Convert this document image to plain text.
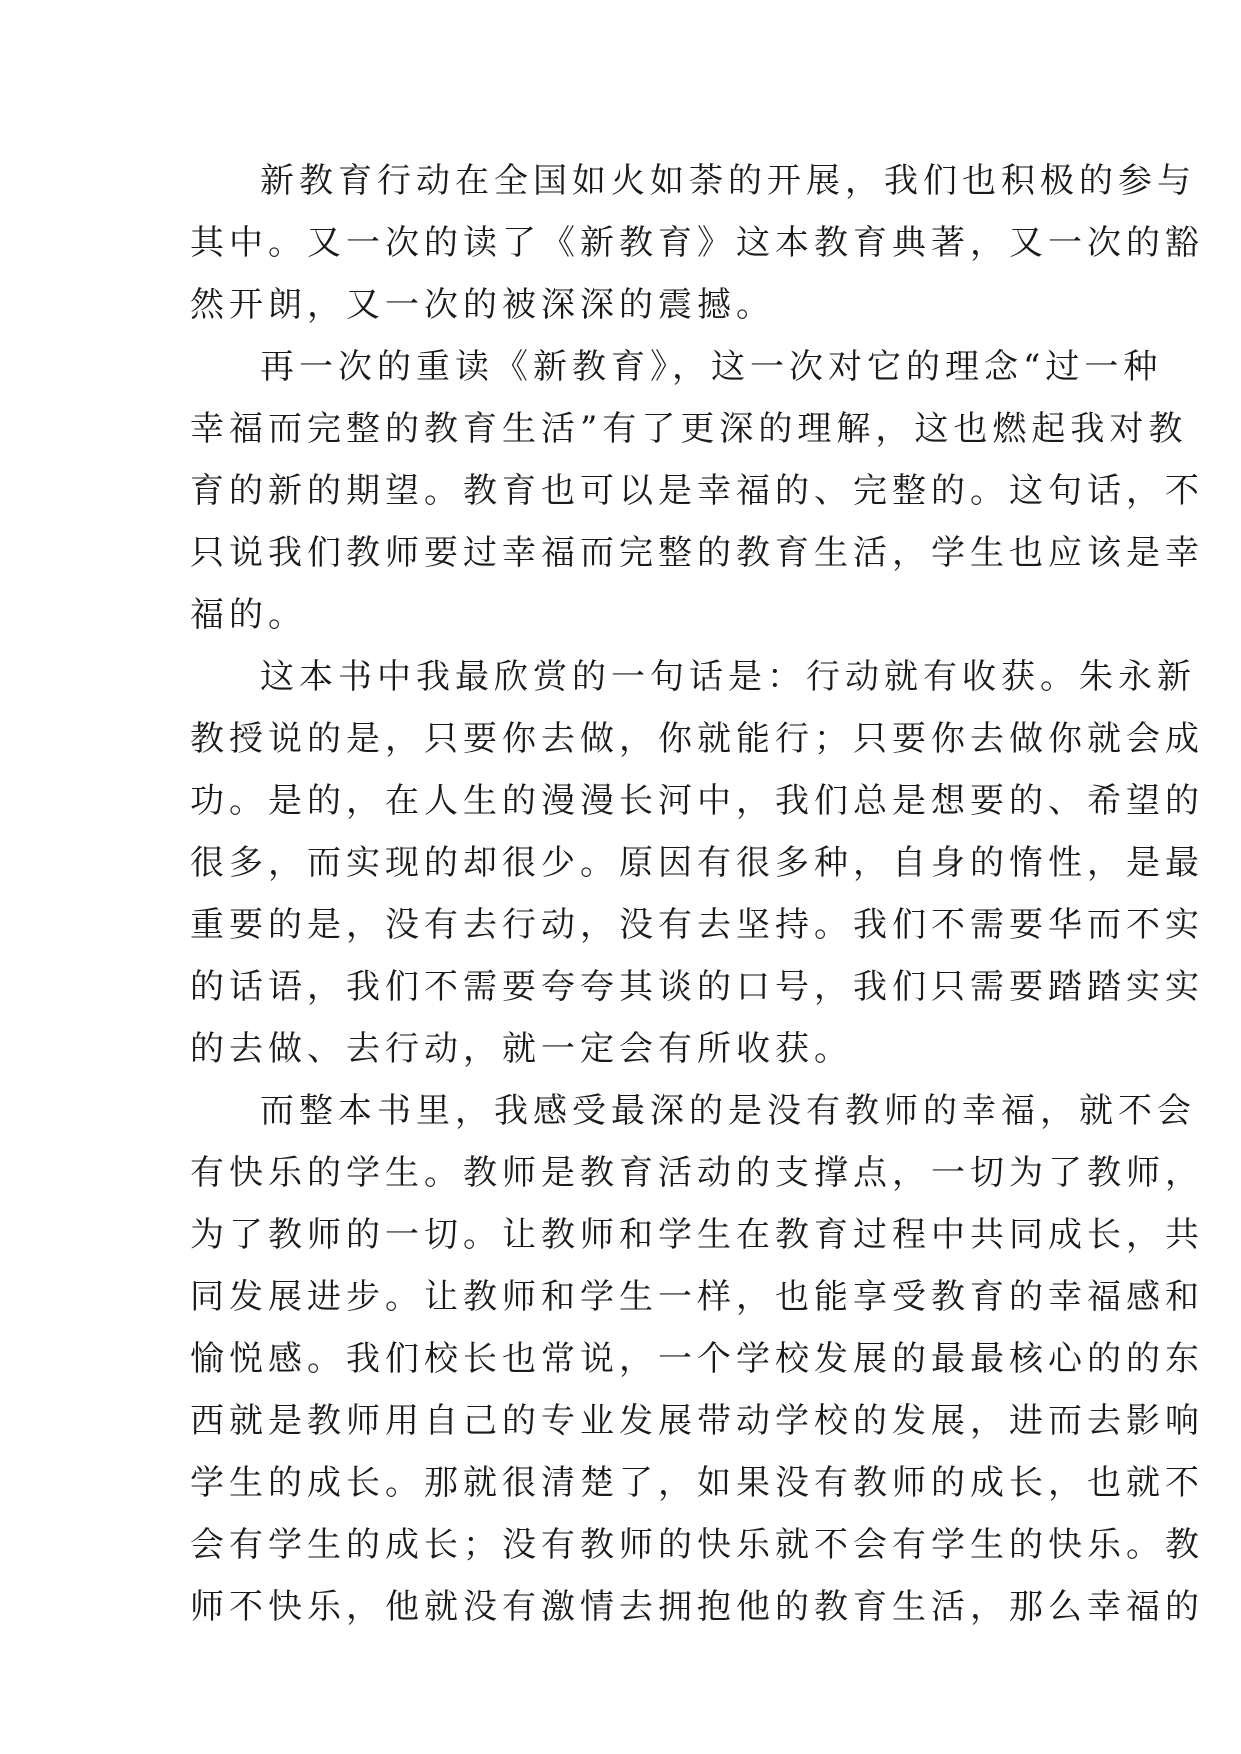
新教育行动在全国如火如荼的开展，我们也积极的参与
其中。又一次的读了《新教育》这本教育典著，又一次的豁
然开朗，又一次的被深深的震撼。
再一次的重读《新教育》，这一次对它的理念“过一种
幸福而完整的教育生活”有了更深的理解，这也燃起我对教
育的新的期望。教育也可以是幸福的、完整的。这句话，不
只说我们教师要过幸福而完整的教育生活，学生也应该是幸
福的。
这本书中我最欣赏的一句话是：行动就有收获。朱永新
教授说的是，只要你去做，你就能行；只要你去做你就会成
功。是的，在人生的漫漫长河中，我们总是想要的、希望的
很多，而实现的却很少。原因有很多种，自身的惰性，是最
重要的是，没有去行动，没有去坚持。我们不需要华而不实
的话语，我们不需要夸夸其谈的口号，我们只需要踏踏实实
的去做、去行动，就一定会有所收获。
而整本书里，我感受最深的是没有教师的幸福，就不会
有快乐的学生。教师是教育活动的支撑点，一切为了教师，
为了教师的一切。让教师和学生在教育过程中共同成长，共
同发展进步。让教师和学生一样，也能享受教育的幸福感和
愉悦感。我们校长也常说，一个学校发展的最最核心的的东
西就是教师用自己的专业发展带动学校的发展，进而去影响
学生的成长。那就很清楚了，如果没有教师的成长，也就不
会有学生的成长；没有教师的快乐就不会有学生的快乐。教
师不快乐，他就没有激情去拥抱他的教育生活，那么幸福的
